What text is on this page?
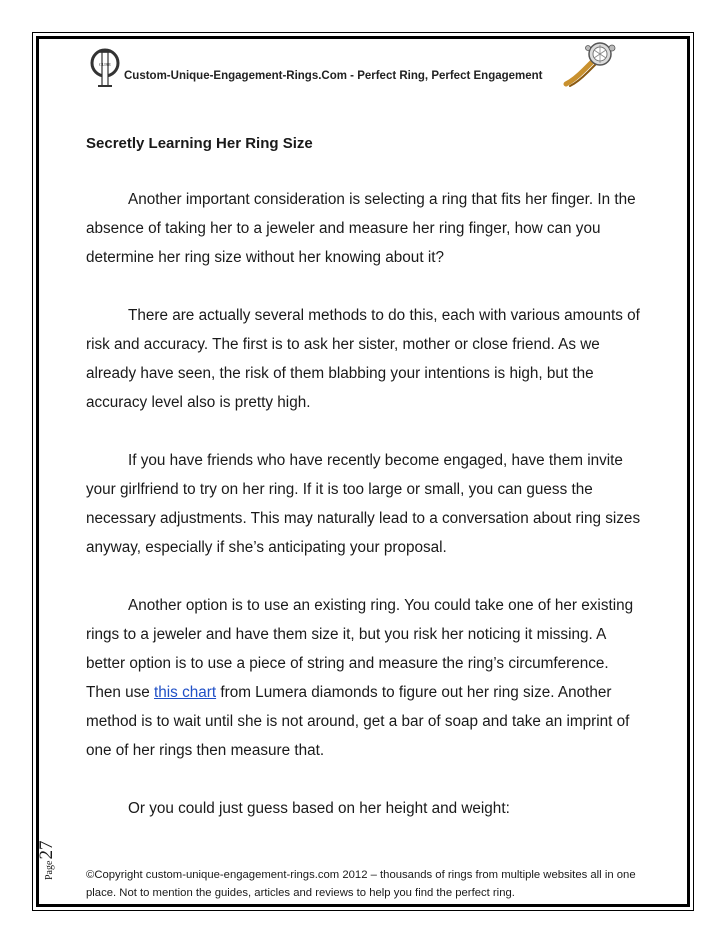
CURE
Custom-Unique-Engagement-Rings.Com - Perfect Ring, Perfect Engagement
Secretly Learning Her Ring Size

Another important consideration is selecting a ring that fits her finger. In the absence of taking her to a jeweler and measure her ring finger, how can you determine her ring size without her knowing about it?

There are actually several methods to do this, each with various amounts of risk and accuracy. The first is to ask her sister, mother or close friend. As we already have seen, the risk of them blabbing your intentions is high, but the accuracy level also is pretty high.

If you have friends who have recently become engaged, have them invite your girlfriend to try on her ring. If it is too large or small, you can guess the necessary adjustments. This may naturally lead to a conversation about ring sizes anyway, especially if she’s anticipating your proposal.

Another option is to use an existing ring. You could take one of her existing rings to a jeweler and have them size it, but you risk her noticing it missing. A better option is to use a piece of string and measure the ring’s circumference. Then use this chart from Lumera diamonds to figure out her ring size. Another method is to wait until she is not around, get a bar of soap and take an imprint of one of her rings then measure that.

Or you could just guess based on her height and weight:

Page
27
©Copyright custom-unique-engagement-rings.com 2012 – thousands of rings from multiple websites all in one place. Not to mention the guides, articles and reviews to help you find the perfect ring.
